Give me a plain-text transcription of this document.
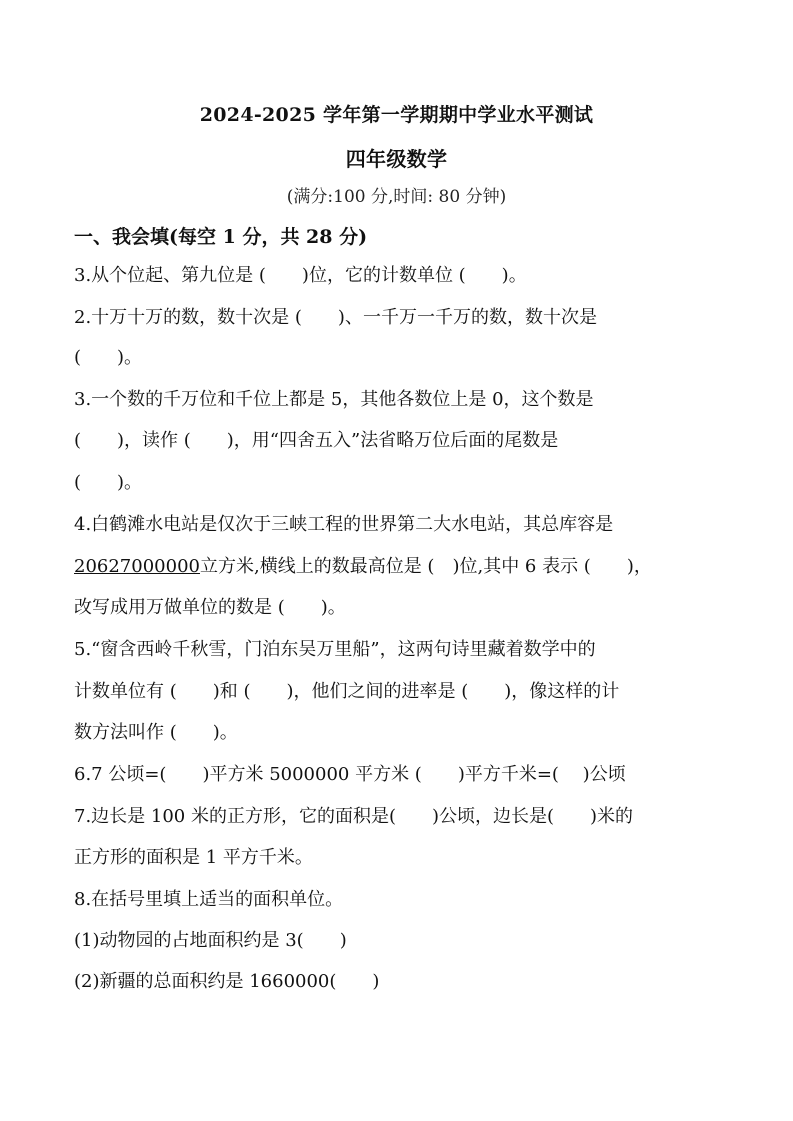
2024-2025 学年第一学期期中学业水平测试
四年级数学
(满分:100 分,时间: 80 分钟)
一、我会填(每空 1 分，共 28 分)
3.从个位起、第九位是 (　　)位，它的计数单位 (　　)。
2.十万十万的数，数十次是 (　　)、一千万一千万的数，数十次是
(　　)。
3.一个数的千万位和千位上都是 5，其他各数位上是 0，这个数是
(　　)，读作 (　　)，用“四舍五入”法省略万位后面的尾数是
(　　)。
4.白鹤滩水电站是仅次于三峡工程的世界第二大水电站，其总库容是
20627000000立方米,横线上的数最高位是 (　)位,其中 6 表示 (　　)，
改写成用万做单位的数是 (　　)。
5.“窗含西岭千秋雪，门泊东吴万里船”，这两句诗里藏着数学中的
计数单位有 (　　)和 (　　)，他们之间的进率是 (　　)，像这样的计
数方法叫作 (　　)。
6.7 公顷=(　　)平方米 5000000 平方米 (　　)平方千米=(　 )公顷
7.边长是 100 米的正方形，它的面积是(　　)公顷，边长是(　　)米的
正方形的面积是 1 平方千米。
8.在括号里填上适当的面积单位。
(1)动物园的占地面积约是 3(　　)
(2)新疆的总面积约是 1660000(　　)
